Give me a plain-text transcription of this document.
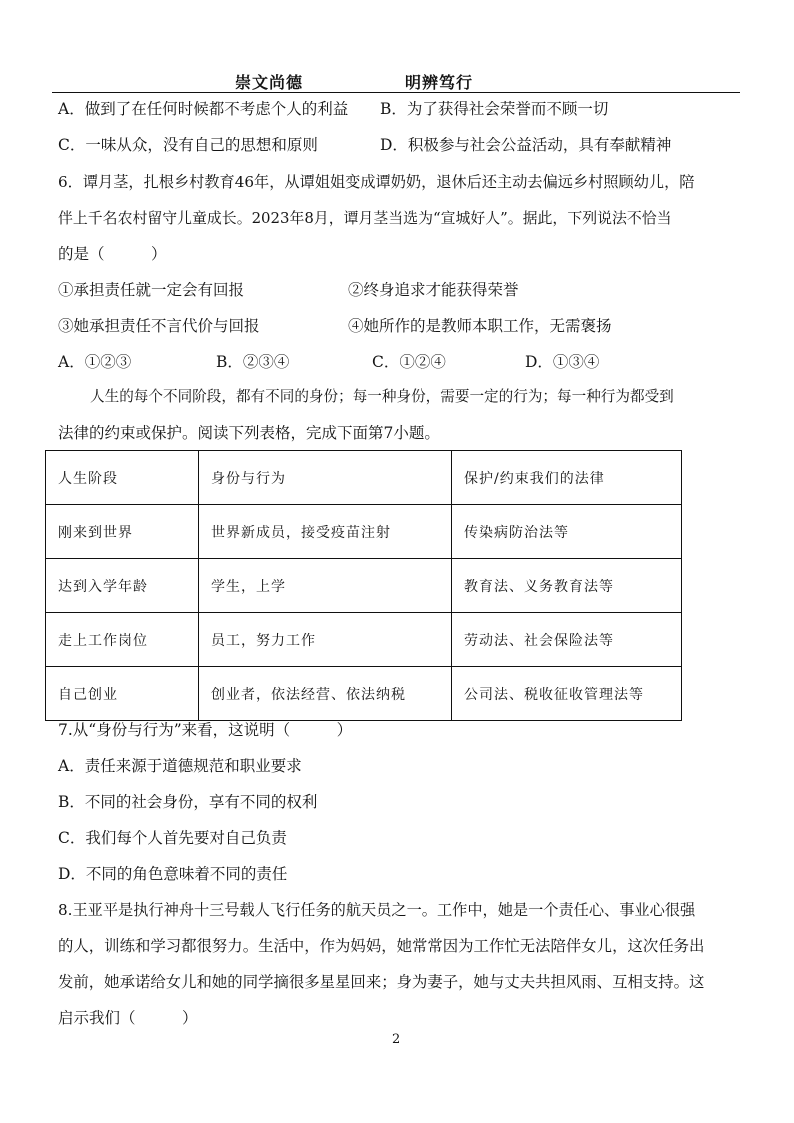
崇文尚德	明辨笃行
A．做到了在任何时候都不考虑个人的利益 B．为了获得社会荣誉而不顾一切
C．一味从众，没有自己的思想和原则	D．积极参与社会公益活动，具有奉献精神
6．谭月茎，扎根乡村教育46年，从谭姐姐变成谭奶奶，退休后还主动去偏远乡村照顾幼儿，陪
伴上千名农村留守儿童成长。2023年8月，谭月茎当选为“宣城好人”。据此，下列说法不恰当
的是（　　　）
①承担责任就一定会有回报	②终身追求才能获得荣誉
③她承担责任不言代价与回报	④她所作的是教师本职工作，无需褒扬
A．①②③	B．②③④	C．①②④	D．①③④
人生的每个不同阶段，都有不同的身份；每一种身份，需要一定的行为；每一种行为都受到
法律的约束或保护。阅读下列表格，完成下面第7小题。
人生阶段	身份与行为	保护/约束我们的法律
刚来到世界	世界新成员，接受疫苗注射	传染病防治法等
达到入学年龄	学生，上学	教育法、义务教育法等
走上工作岗位	员工，努力工作	劳动法、社会保险法等
自己创业	创业者，依法经营、依法纳税	公司法、税收征收管理法等
7.从“身份与行为”来看，这说明（　　　）
A．责任来源于道德规范和职业要求
B．不同的社会身份，享有不同的权利
C．我们每个人首先要对自己负责
D．不同的角色意味着不同的责任
8.王亚平是执行神舟十三号载人飞行任务的航天员之一。工作中，她是一个责任心、事业心很强
的人，训练和学习都很努力。生活中，作为妈妈，她常常因为工作忙无法陪伴女儿，这次任务出
发前，她承诺给女儿和她的同学摘很多星星回来；身为妻子，她与丈夫共担风雨、互相支持。这
启示我们（　　　）
2
